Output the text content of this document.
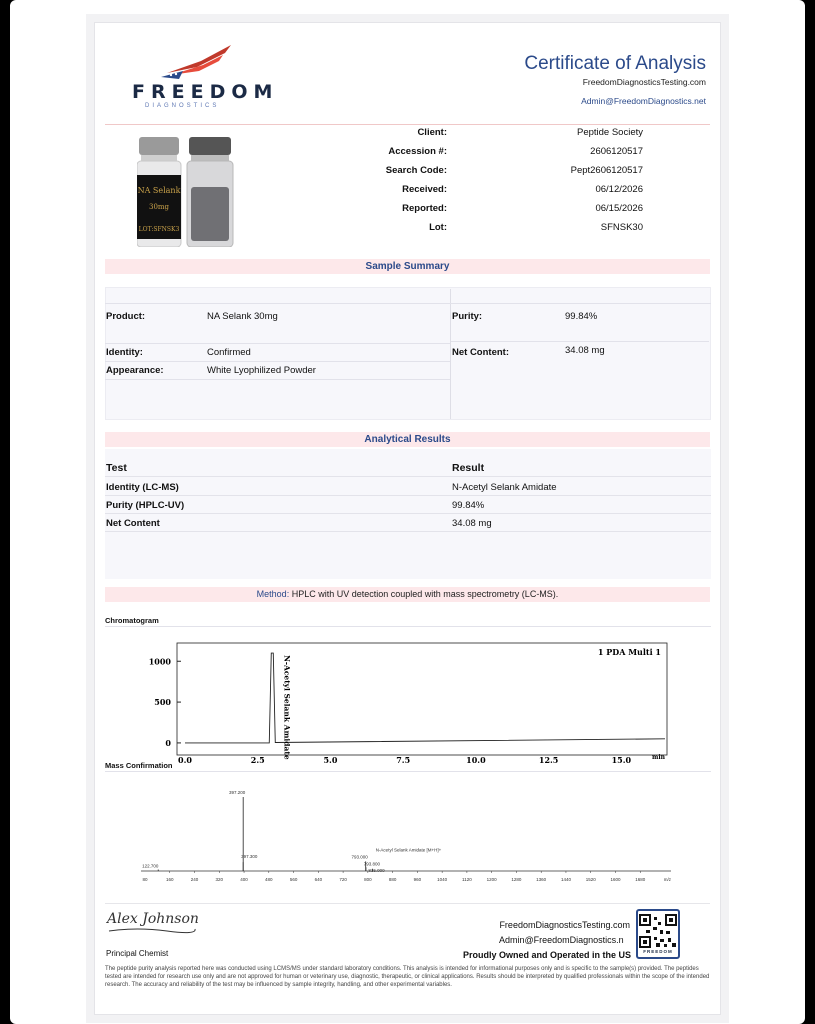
FREEDOM
DIAGNOSTICS
Certificate of Analysis
FreedomDiagnosticsTesting.com
Admin@FreedomDiagnostics.net
NA Selank
30mg
LOT:SFNSK3
Sample Summary
Product:	NA Selank 30mg
Identity:	Confirmed
Appearance:	White Lyophilized Powder
Purity:	99.84%
Net Content:	34.08 mg
Analytical Results
Test	Result
Method: HPLC with UV detection coupled with mass spectrometry (LC-MS).
Chromatogram
0
500
1000
0.0	2.5	5.0	7.5	10.0	12.5	15.0	min
1 PDA Multi 1
N-Acetyl Selank Amidate
Mass Confirmation
80	160	240	320	400	480	560	640	720	800	880	960	1040	1120	1200	1280	1360	1440	1520	1600	1680	m/z
122.700
397.200
397.300	793.000
793.800
815.000
N-Acetyl Selank Amidate [M+H]+
Alex Johnson
Principal Chemist
FreedomDiagnosticsTesting.com
Admin@FreedomDiagnostics.n
Proudly Owned and Operated in the US	FREEDOM
The peptide purity analysis reported here was conducted using LCMS/MS under standard laboratory conditions. This analysis is intended for informational purposes only and is specific to the sample(s) provided. The peptides tested are intended for research use only and are not approved for human or veterinary use, diagnostic, therapeutic, or clinical applications. Results should be interpreted by qualified professionals within the scope of the intended research. The accuracy and reliability of the test may be influenced by sample integrity, handling, and other experimental variables.
Client:	Peptide Society
Accession #:	2606120517
Search Code:	Pept2606120517
Received:	06/12/2026
Reported:	06/15/2026
Lot:	SFNSK30
Identity (LC-MS)	N-Acetyl Selank Amidate
Purity (HPLC-UV)	99.84%
Net Content	34.08 mg
